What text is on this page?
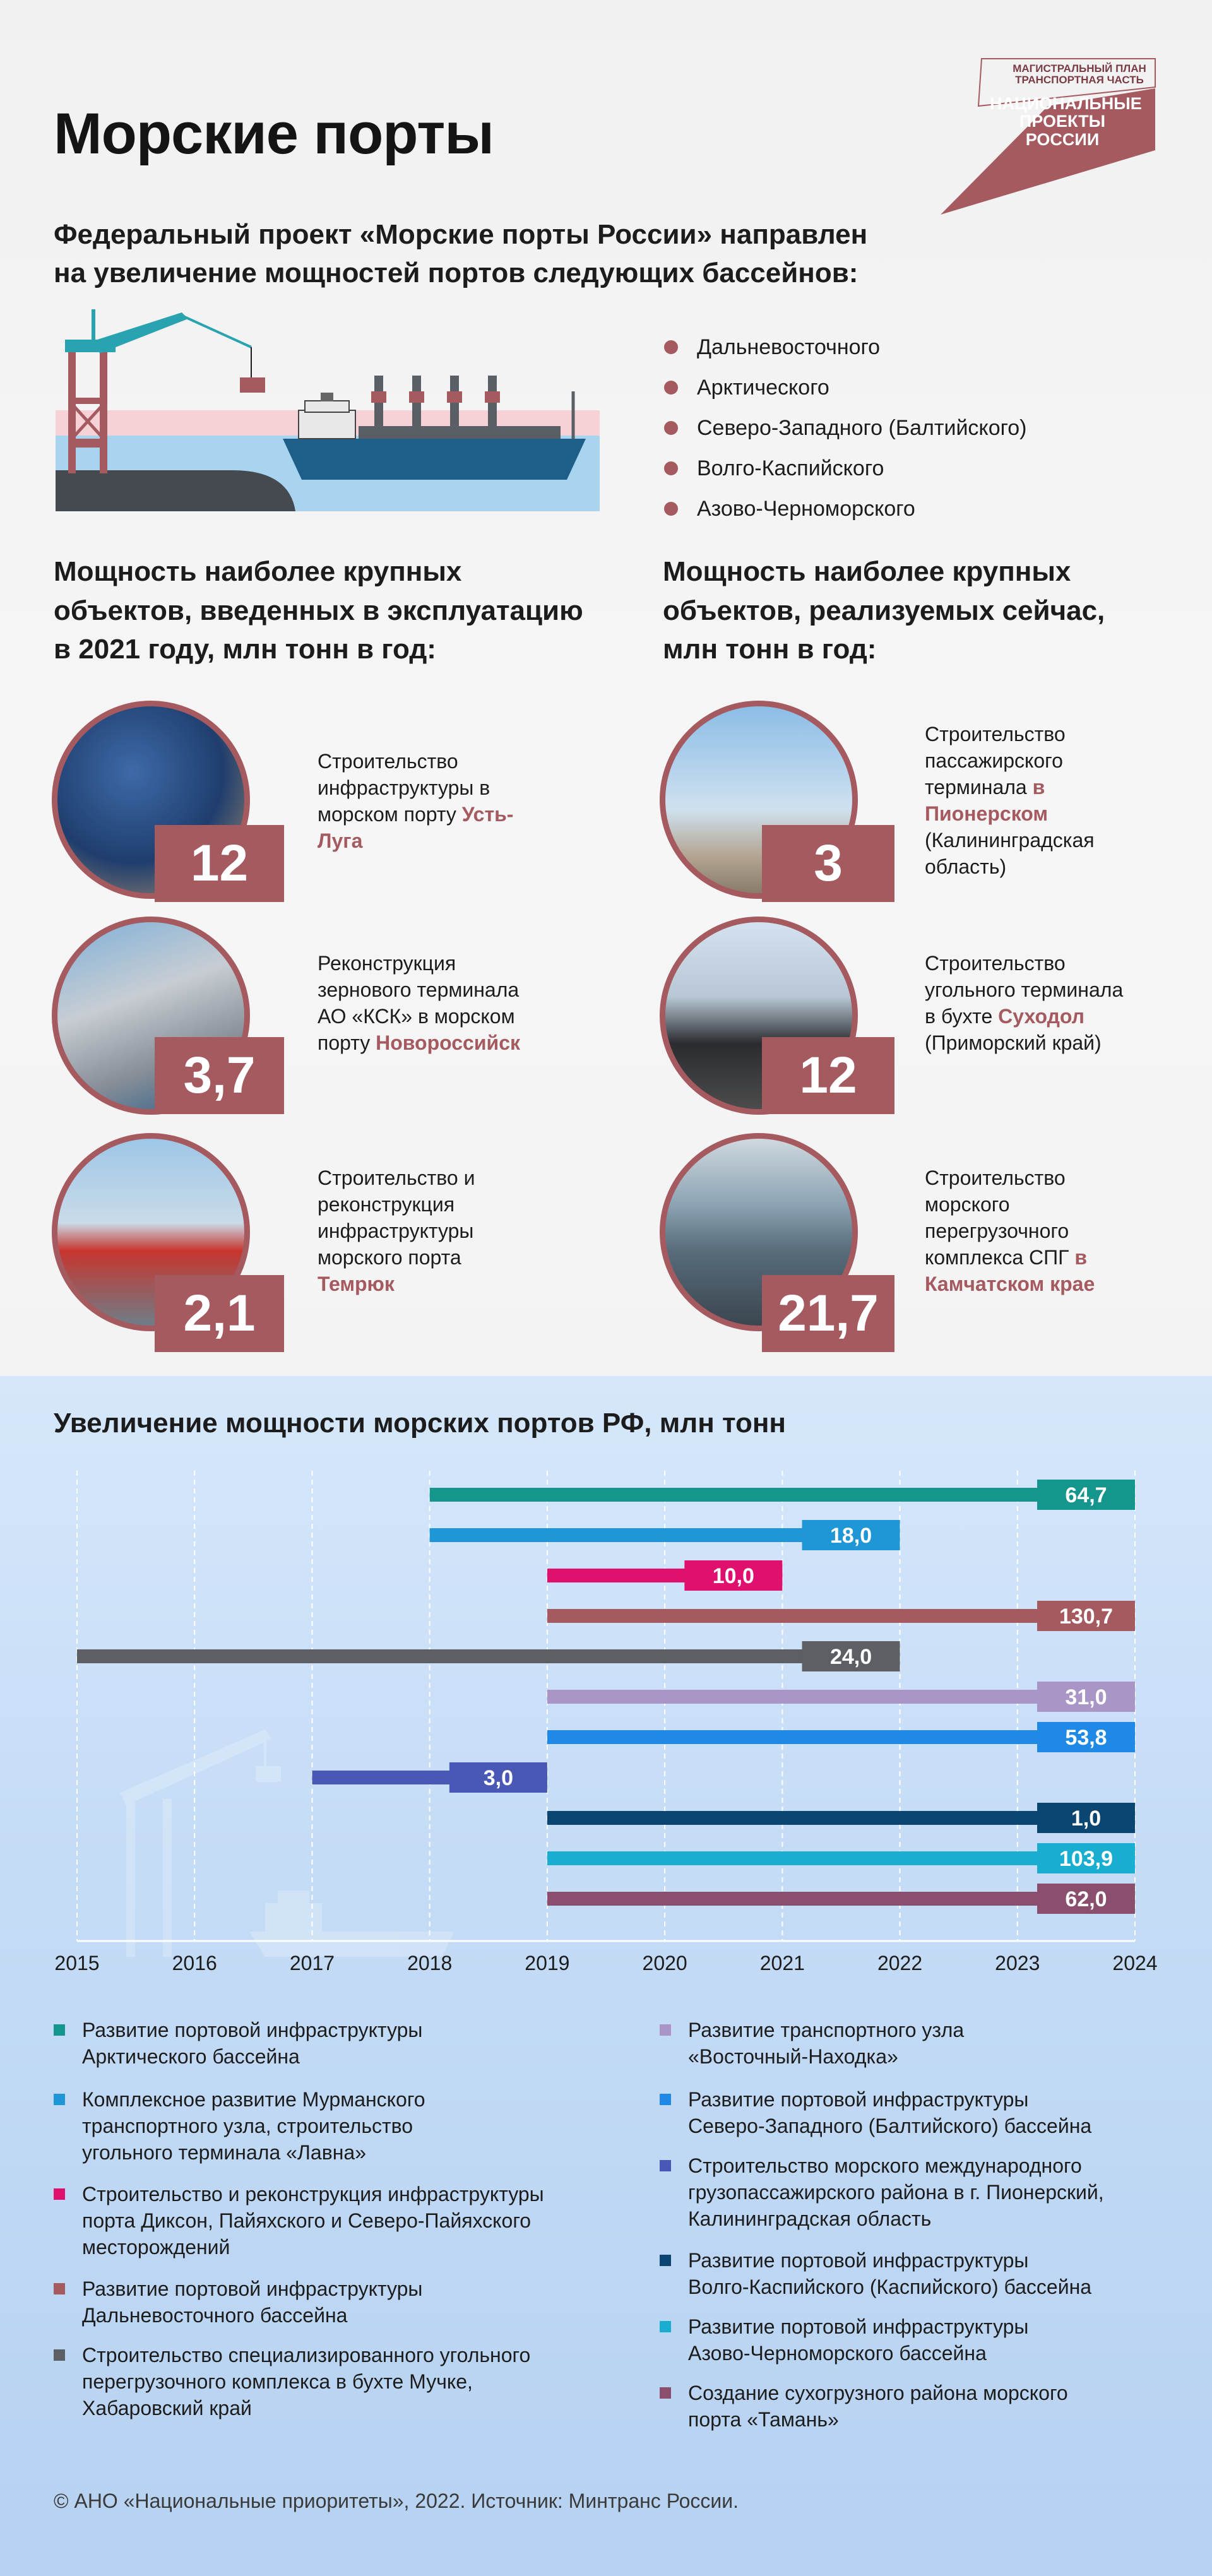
Морские порты
МАГИСТРАЛЬНЫЙ ПЛАН ТРАНСПОРТНАЯ ЧАСТЬ
НАЦИОНАЛЬНЫЕ ПРОЕКТЫ РОССИИ
Федеральный проект «Морские порты России» направлен
на увеличение мощностей портов следующих бассейнов:
Дальневосточного
Арктического
Северо-Западного (Балтийского)
Волго-Каспийского
Азово-Черноморского
Мощность наиболее крупных
объектов, введенных в эксплуатацию
в 2021 году, млн тонн в год:
Мощность наиболее крупных
объектов, реализуемых сейчас,
млн тонн в год:
12
Строительство инфраструктуры в морском порту Усть-Луга
3,7
Реконструкция зернового терминала АО «КСК» в морском порту Новороссийск
2,1
Строительство и реконструкция инфраструктуры морского порта Темрюк
3
Строительство пассажирского терминала в Пионерском (Калининградская область)
12
Строительство угольного терминала в бухте Суходол (Приморский край)
21,7
Строительство морского перегрузочного комплекса СПГ в Камчатском крае
Увеличение мощности морских портов РФ, млн тонн
64,7
18,0
10,0
130,7
24,0
31,0
53,8
3,0
1,0
103,9
62,0
2015	2016	2017	2018	2019	2020	2021	2022	2023	2024
Развитие портовой инфраструктуры
Арктического бассейна
Комплексное развитие Мурманского
транспортного узла, строительство
угольного терминала «Лавна»
Строительство и реконструкция инфраструктуры
порта Диксон, Пайяхского и Северо-Пайяхского
месторождений
Развитие портовой инфраструктуры
Дальневосточного бассейна
Строительство специализированного угольного
перегрузочного комплекса в бухте Мучке,
Хабаровский край
Развитие транспортного узла
«Восточный-Находка»
Развитие портовой инфраструктуры
Северо-Западного (Балтийского) бассейна
Строительство морского международного
грузопассажирского района в г. Пионерский,
Калининградская область
Развитие портовой инфраструктуры
Волго-Каспийского (Каспийского) бассейна
Развитие портовой инфраструктуры
Азово-Черноморского бассейна
Создание сухогрузного района морского
порта «Тамань»
© АНО «Национальные приоритеты», 2022. Источник: Минтранс России.
